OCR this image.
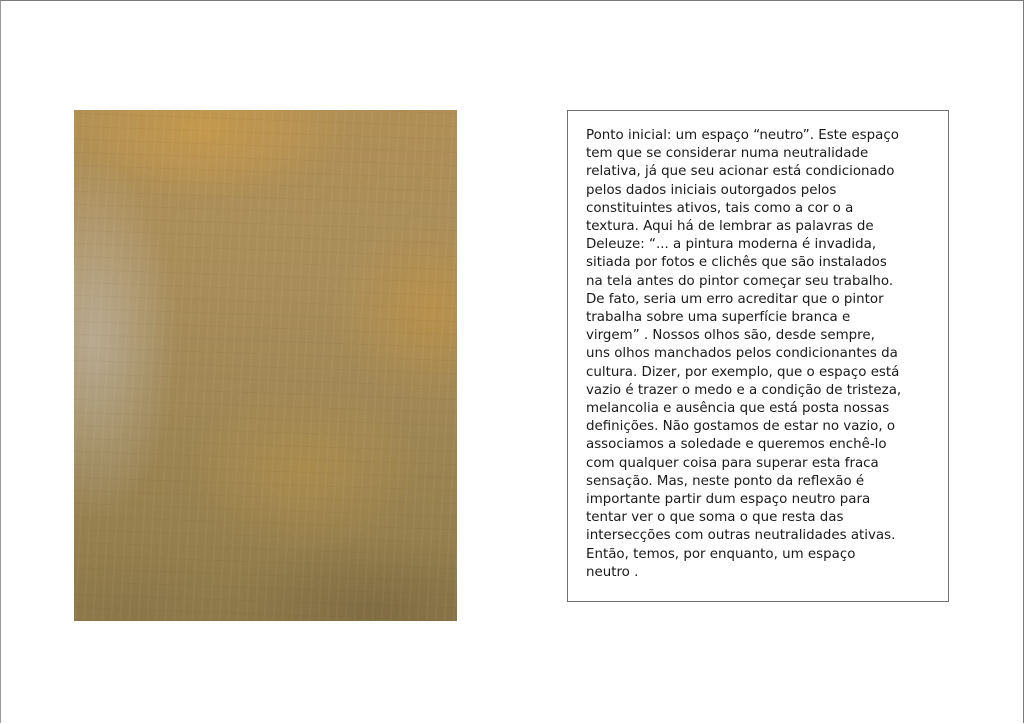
Ponto inicial: um espaço “neutro”. Este espaço
tem que se considerar numa neutralidade
relativa, já que seu acionar está condicionado
pelos dados iniciais outorgados pelos
constituintes ativos, tais como a cor o a
textura. Aqui há de lembrar as palavras de
Deleuze: “... a pintura moderna é invadida,
sitiada por fotos e clichês que são instalados
na tela antes do pintor começar seu trabalho.
De fato, seria um erro acreditar que o pintor
trabalha sobre uma superfície branca e
virgem” . Nossos olhos são, desde sempre,
uns olhos manchados pelos condicionantes da
cultura. Dizer, por exemplo, que o espaço está
vazio é trazer o medo e a condição de tristeza,
melancolia e ausência que está posta nossas
definições. Não gostamos de estar no vazio, o
associamos a soledade e queremos enchê-lo
com qualquer coisa para superar esta fraca
sensação. Mas, neste ponto da reflexão é
importante partir dum espaço neutro para
tentar ver o que soma o que resta das
intersecções com outras neutralidades ativas.
Então, temos, por enquanto, um espaço
neutro .
